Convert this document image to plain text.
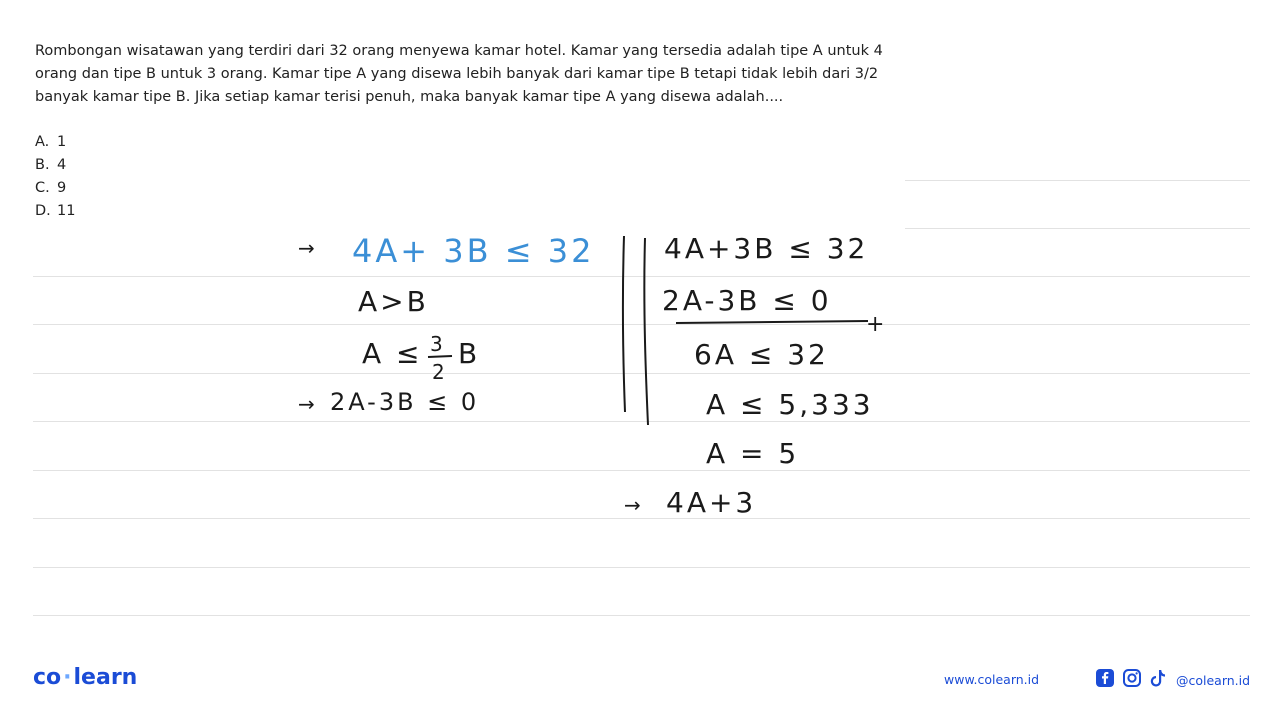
Rombongan wisatawan yang terdiri dari 32 orang menyewa kamar hotel. Kamar yang tersedia adalah tipe A untuk 4 orang dan tipe B untuk 3 orang. Kamar tipe A yang disewa lebih banyak dari kamar tipe B tetapi tidak lebih dari 3/2 banyak kamar tipe B. Jika setiap kamar terisi penuh, maka banyak kamar tipe A yang disewa adalah....

A. 1
B. 4
C. 9
D. 11
→ 4A+ 3B ≤ 32
A>B
A ≤ 3
2
B
→ 2A-3B ≤ 0
4A+3B ≤ 32
2A-3B ≤ 0
+
6A ≤ 32
A ≤ 5,333
A = 5
→ 4A+3
co·learn	www.colearn.id	@colearn.id
